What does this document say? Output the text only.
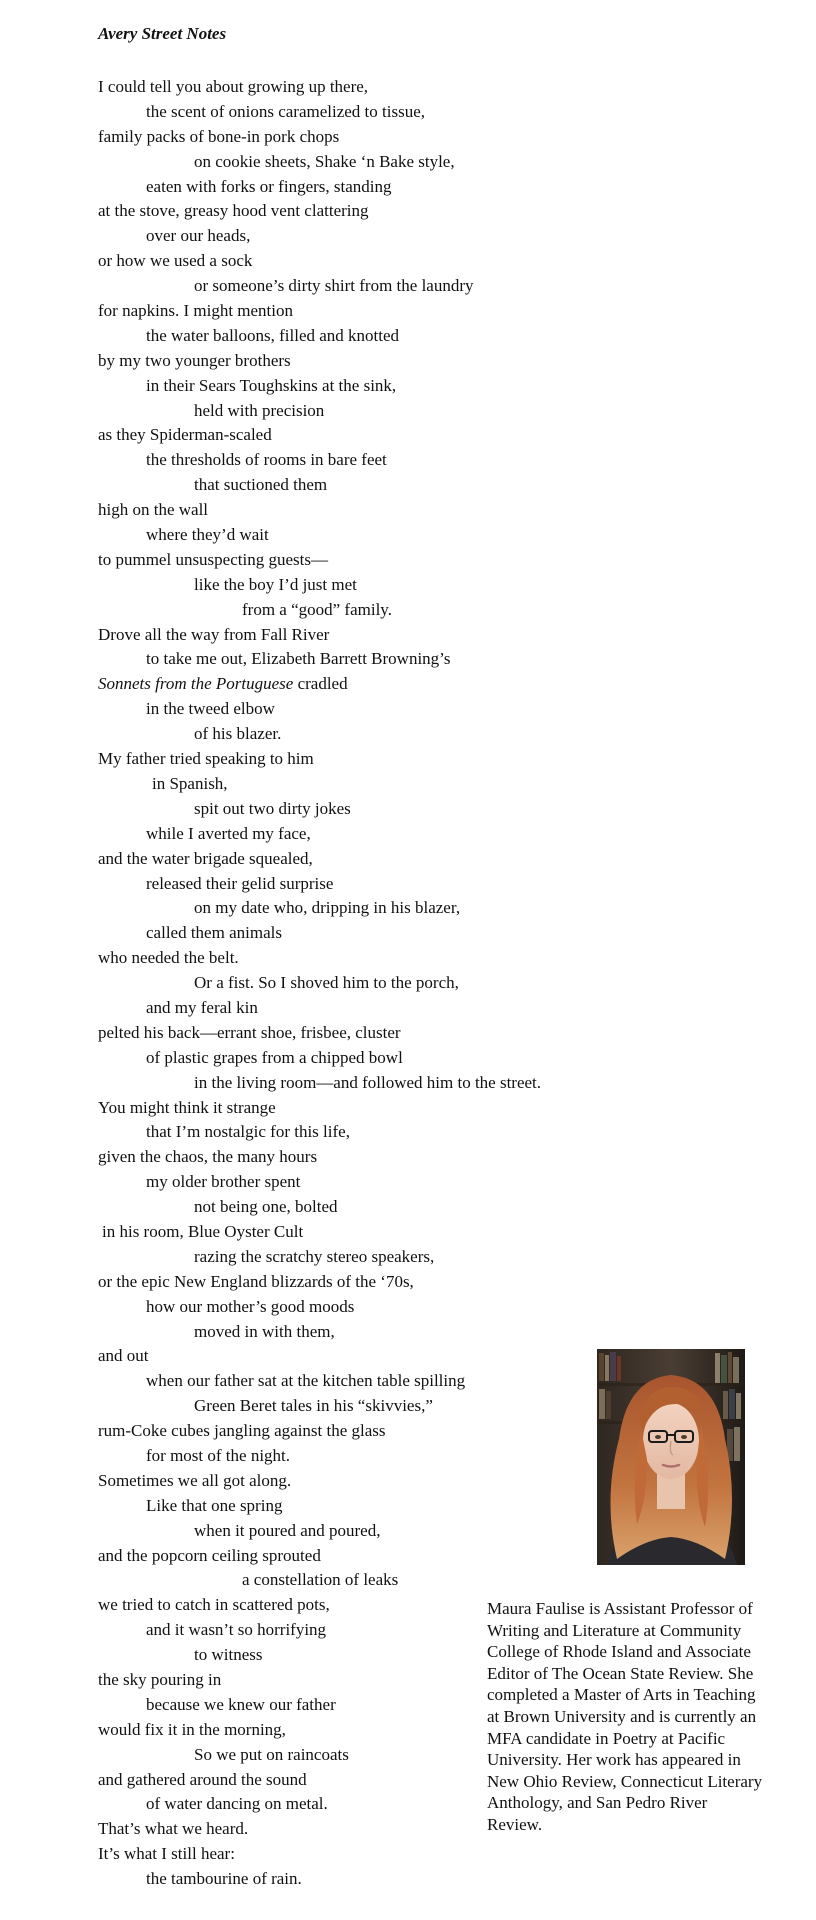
Avery Street Notes
I could tell you about growing up there,
the scent of onions caramelized to tissue,
family packs of bone-in pork chops
on cookie sheets, Shake ‘n Bake style,
eaten with forks or fingers, standing
at the stove, greasy hood vent clattering
over our heads,
or how we used a sock
or someone’s dirty shirt from the laundry
for napkins. I might mention
the water balloons, filled and knotted
by my two younger brothers
in their Sears Toughskins at the sink,
held with precision
as they Spiderman-scaled
the thresholds of rooms in bare feet
that suctioned them
high on the wall
where they’d wait
to pummel unsuspecting guests—
like the boy I’d just met
from a “good” family.
Drove all the way from Fall River
to take me out, Elizabeth Barrett Browning’s
Sonnets from the Portuguese cradled
in the tweed elbow
of his blazer.
My father tried speaking to him
in Spanish,
spit out two dirty jokes
while I averted my face,
and the water brigade squealed,
released their gelid surprise
on my date who, dripping in his blazer,
called them animals
who needed the belt.
Or a fist. So I shoved him to the porch,
and my feral kin
pelted his back—errant shoe, frisbee, cluster
of plastic grapes from a chipped bowl
in the living room—and followed him to the street.
You might think it strange
that I’m nostalgic for this life,
given the chaos, the many hours
my older brother spent
not being one, bolted
in his room, Blue Oyster Cult
razing the scratchy stereo speakers,
or the epic New England blizzards of the ‘70s,
how our mother’s good moods
moved in with them,
and out
when our father sat at the kitchen table spilling
Green Beret tales in his “skivvies,”
rum-Coke cubes jangling against the glass
for most of the night.
Sometimes we all got along.
Like that one spring
when it poured and poured,
and the popcorn ceiling sprouted
a constellation of leaks
we tried to catch in scattered pots,
and it wasn’t so horrifying
to witness
the sky pouring in
because we knew our father
would fix it in the morning,
So we put on raincoats
and gathered around the sound
of water dancing on metal.
That’s what we heard.
It’s what I still hear:
the tambourine of rain.
Maura Faulise is Assistant Professor of Writing and Literature at Community College of Rhode Island and Associate Editor of The Ocean State Review. She completed a Master of Arts in Teaching at Brown University and is currently an MFA candidate in Poetry at Pacific University. Her work has appeared in New Ohio Review, Connecticut Literary Anthology, and San Pedro River Review.
